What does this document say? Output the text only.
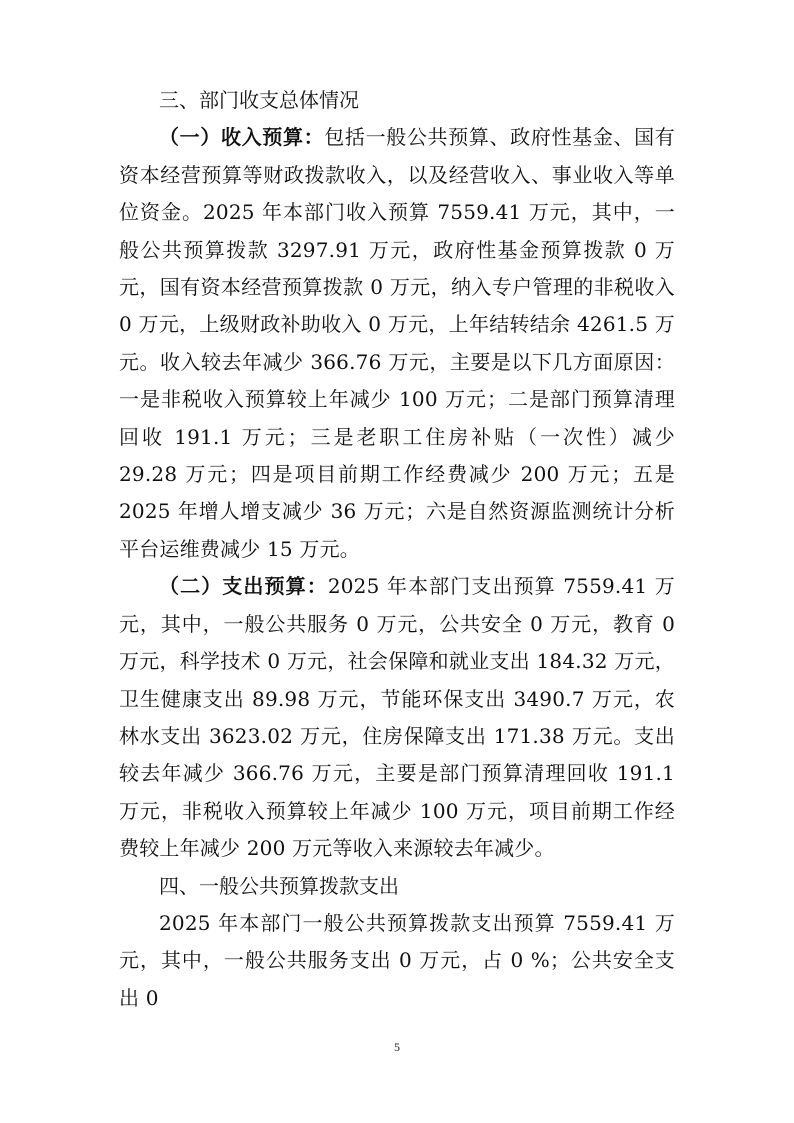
三、部门收支总体情况

（一）收入预算：包括一般公共预算、政府性基金、国有资本经营预算等财政拨款收入，以及经营收入、事业收入等单位资金。2025 年本部门收入预算 7559.41 万元，其中，一般公共预算拨款 3297.91 万元，政府性基金预算拨款 0 万元，国有资本经营预算拨款 0 万元，纳入专户管理的非税收入 0 万元，上级财政补助收入 0 万元，上年结转结余 4261.5 万元。收入较去年减少 366.76 万元，主要是以下几方面原因：一是非税收入预算较上年减少 100 万元；二是部门预算清理回收 191.1 万元；三是老职工住房补贴（一次性）减少 29.28 万元；四是项目前期工作经费减少 200 万元；五是 2025 年增人增支减少 36 万元；六是自然资源监测统计分析平台运维费减少 15 万元。

（二）支出预算：2025 年本部门支出预算 7559.41 万元，其中，一般公共服务 0 万元，公共安全 0 万元，教育 0 万元，科学技术 0 万元，社会保障和就业支出 184.32 万元，卫生健康支出 89.98 万元，节能环保支出 3490.7 万元，农林水支出 3623.02 万元，住房保障支出 171.38 万元。支出较去年减少 366.76 万元，主要是部门预算清理回收 191.1 万元，非税收入预算较上年减少 100 万元，项目前期工作经费较上年减少 200 万元等收入来源较去年减少。

四、一般公共预算拨款支出

2025 年本部门一般公共预算拨款支出预算 7559.41 万元，其中，一般公共服务支出 0 万元，占 0 %；公共安全支出 0

5
